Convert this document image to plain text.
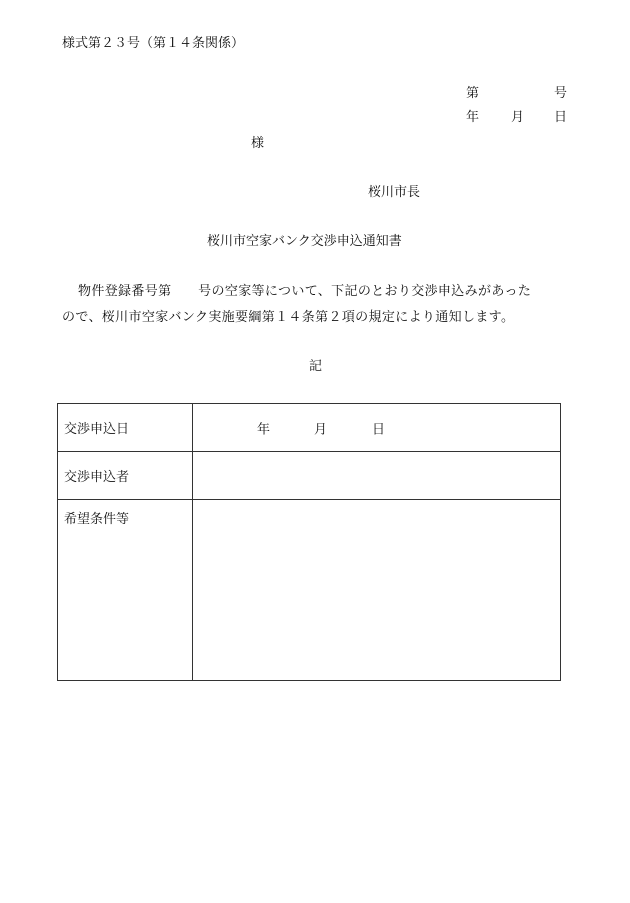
様式第２３号（第１４条関係）
第	号
年 月 日
様
桜川市長
桜川市空家バンク交渉申込通知書
物件登録番号第　　号の空家等について、下記のとおり交渉申込みがあった
ので、桜川市空家バンク実施要綱第１４条第２項の規定により通知します。
記
交渉申込日	年 月 日

交渉申込者	
希望条件等	
